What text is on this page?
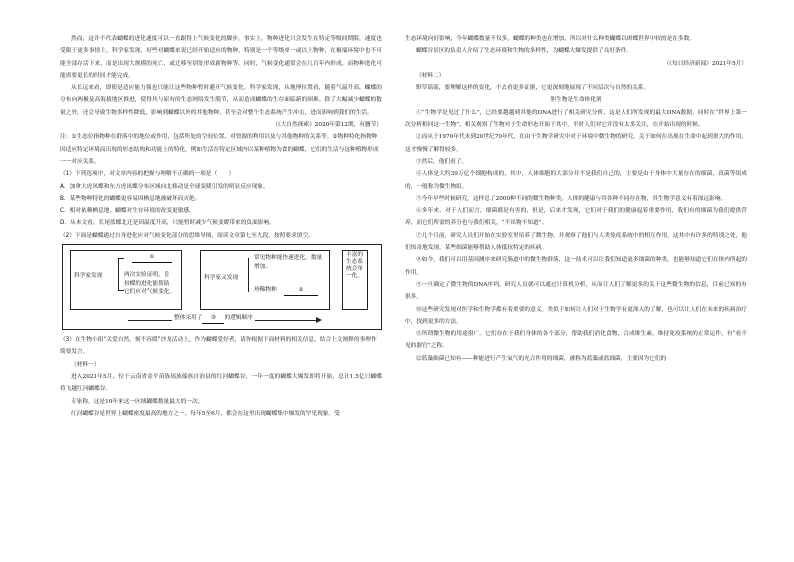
然而，这并不代表蝴蝶的进化速度可以一直跟得上气候变化的脚步。事实上，物种进化只会发生在特定等级间期限，速度也受限于更多事情上。科学家发现，好些对蝴蝶来说已经开始适应的物种，特别是一个等级单一或以上物种，在极端环境中也不可能全部存活下来，而是出现大规模的死亡，或迁移至别处形成新物种等。同时，气候变化通常会在几百年内形成，而物种进化可能需要更长的时间才能完成。

从长远来看，即使是适应能力强也只能让这些物种暂时避开气候变化。科学家发现，从地理位置看，随着气温升高，蝴蝶的分布向两极及高海拔地区推进，使得其与原有的生态网络发生脱节，从而造成蝴蝶的生存面临新的困难。除了大幅减少蝴蝶的数量之外，还会导致生物多样性降低，影响到蝴蝶以外的其他物种，甚至会对整个生态系统产生冲击，进而影响到我们的生活。

（《大自然探索》2020年第12期，有删节）

注：①生态位指物种在群落中的地位或作用，包括所处的空间位置、对资源的利用以及与其他物种的关系等。②物种特化指物种因适应特定环境而出现的形态结构和功能上的特化，例如生活在特定区域内以某种植物为食的蝴蝶，它们的生活与这种植物形成一一对应关系。

（1）下列选项中，对文章内容的把握与理解不正确的一项是（　　）

A．加拿大虎凤蝶和东方虎凤蝶分布区域向北移动是全球变暖引发的明显反应现象。

B．某些物种特化的蝴蝶更容易因栖息地被破坏而灭绝。

C．相对依赖栖息地，蝴蝶对生存环境的改变更敏感。

D．从本文看，长尾蓝蝶北迁是因温度升高，只能暂时减少气候变暖带来的负面影响。

（2）下面是蝴蝶通过自身进化应对气候变化部分的思维导图，阅读文章第七至九段，按照要求填空。

科学家发现
①
两次实验证明，肯
扮蝶的进化能帮助
它们应对气候变化。
科学家又发现
常见物种能快速进化，数量增加。
珍稀物种	②
丰富的生态系统会单一化。
整体采用了 ③ 的逻辑顺序

（3）在生物小组“关爱自然，刻不容缓”沙龙活动上，作为蝴蝶爱好者，请你根据下面材料的相关信息，结合上文阐释的事理作简要发言。

（材料一）

进入2021年5月，位于云南省金平苗族瑶族傣族自治县的红河蝴蝶谷，一年一度的蝴蝶大爆发即将开始，总计1.5亿只蝴蝶将飞越红河蝴蝶谷。

专家称，这是10年来这一区域蝴蝶数量最大的一次。

红河蝴蝶谷是世界上蝴蝶密度最高的地方之一。每年5至6月，都会在这里出现蝴蝶集中爆发的罕见现象。受

生态环境向好影响，今年蝴蝶数量不仅多，蝴蝶的种类也在增加，所以对什么种类蝴蝶以斑蝶世界中较的是在多数。

蝴蝶谷景区的负责人介绍了生态环境和生物的多样性，为蝴蝶大爆发提供了良好条件。

（《每日经济新闻》2021年5月）

（材料二）

野草谣谣，要理解这样的变化，不去看更多证据，它更深刻地展现了不同层次与自然的关系。

胆生物是生命体化剂

①“生物学是见过了什么”，已经要越越到其他的DNA进行了相关研究分析，这是人们所发现的最大DNA数据，同时在“世界上第一次分析相同这一生物”，相关观察了生物对于生命形态开始于其中，平时人们对它并没有太多关注，在开始出现的时候。

②而从于1970年代末到20世纪70年代，在由于生物学研究中对于环境中微生物的研究，关于如何在出现在生命中起到重大的作用，这才慢慢了解得较多。

③然后，他们看了。

④人体是大约39万亿个细胞构成的，其中，人体细胞的大部分并不是我们自己的，主要是由于身体中大量存在的细菌、真菌等组成的，一般称为微生物组。

⑤今年早些时候研究，这样总了2000种不同的微生物种类，人体的健康与其各种不同存在物，其生物学意义有着深远影响。

⑥多年来，对于人们而言，细菌都是有害的，但是，后来才发现，它们对于我们的健康起着重要作用，我们有的细菌为我们提供营养，而它们所需的养分也与我们相关，“不出物不知道”。

⑦几个月前，研究人员们开始在实验室里培养了微生物，并观察了他们与人类免疫系统中的相互作用，这其中有许多的特别之处，他们惊奇地发现，某些细菌能够帮助人体抵抗特定的疾病。

⑧如今，我们可以用基因测序来研究肠道中的微生物群落，这一技术可以让我们知道更多细菌的种类，也能够知道它们在体内所起的作用。

⑨一旦确定了微生物的DNA序列，研究人员就可以通过计算机分析，从而让人们了解更多的关于这些微生物的信息，目前已知的有很多。

⑩这些研究发现对医学和生物学都有着重要的意义。类似于如何让人们对于生物学有更深入的了解，也可以让人们在未来的疾病治疗中，找到更多的方法。

⑪所谓微生物的用途很广。它们存在于我们身体的各个部分，帮助我们消化食物、合成维生素，维持免疫系统的正常运作，有“看不见的器官”之称。

⑫蓝藻细菌已知有——种能进行产生氧气的光合作用的细菌，被称为蓝藻或蓝细菌，主要因为它们的
